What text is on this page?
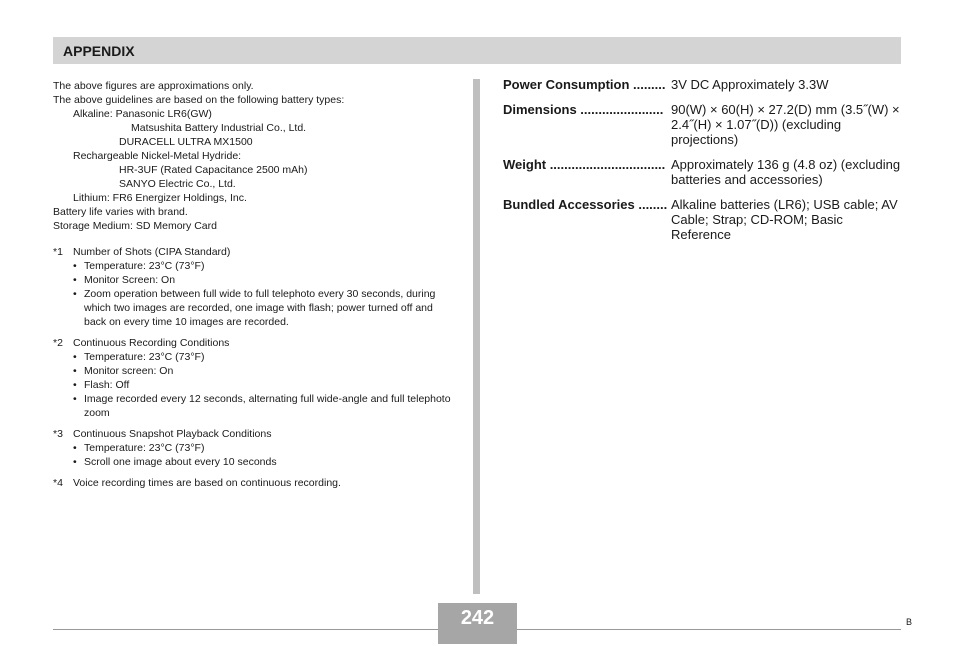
APPENDIX
The above figures are approximations only.
The above guidelines are based on the following battery types:
Alkaline: Panasonic LR6(GW)
Matsushita Battery Industrial Co., Ltd.
DURACELL ULTRA MX1500
Rechargeable Nickel-Metal Hydride:
HR-3UF (Rated Capacitance 2500 mAh)
SANYO Electric Co., Ltd.
Lithium: FR6 Energizer Holdings, Inc.
Battery life varies with brand.
Storage Medium: SD Memory Card
*1 Number of Shots (CIPA Standard)
• Temperature: 23°C (73°F)
• Monitor Screen: On
• Zoom operation between full wide to full telephoto every 30 seconds, during which two images are recorded, one image with flash; power turned off and back on every time 10 images are recorded.
*2 Continuous Recording Conditions
• Temperature: 23°C (73°F)
• Monitor screen: On
• Flash: Off
• Image recorded every 12 seconds, alternating full wide-angle and full telephoto zoom
*3 Continuous Snapshot Playback Conditions
• Temperature: 23°C (73°F)
• Scroll one image about every 10 seconds
*4 Voice recording times are based on continuous recording.
Power Consumption ......... 3V DC Approximately 3.3W
Dimensions ....................... 90(W) × 60(H) × 27.2(D) mm (3.5˝(W) × 2.4˝(H) × 1.07˝(D)) (excluding projections)
Weight ................................ Approximately 136 g (4.8 oz) (excluding batteries and accessories)
Bundled Accessories ........ Alkaline batteries (LR6); USB cable; AV Cable; Strap; CD-ROM; Basic Reference
242	B
